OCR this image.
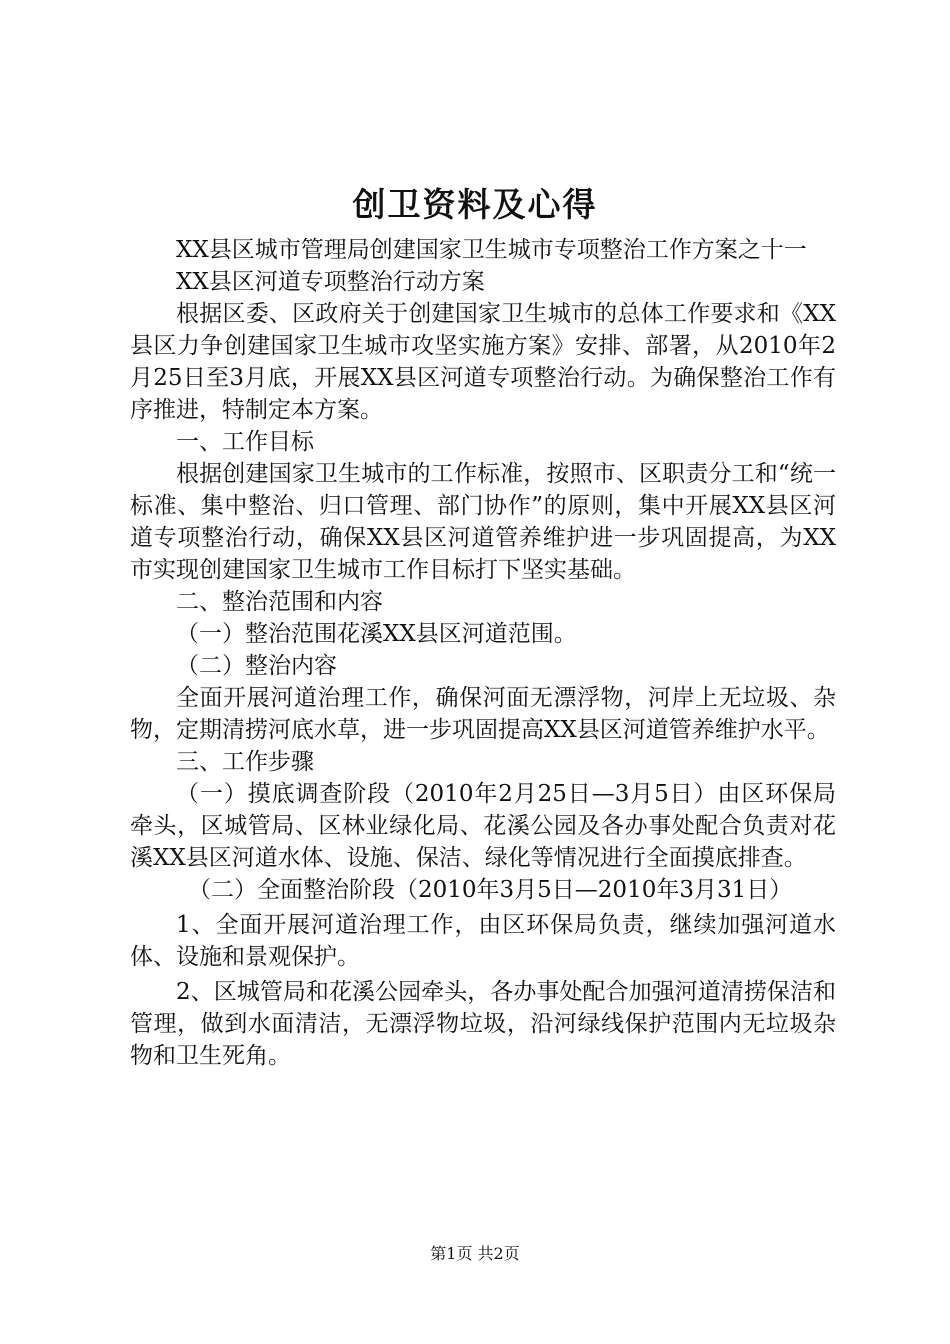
创卫资料及心得

XX县区城市管理局创建国家卫生城市专项整治工作方案之十一

XX县区河道专项整治行动方案

根据区委、区政府关于创建国家卫生城市的总体工作要求和《XX县区力争创建国家卫生城市攻坚实施方案》安排、部署，从2010年2月25日至3月底，开展XX县区河道专项整治行动。为确保整治工作有序推进，特制定本方案。

一、工作目标

根据创建国家卫生城市的工作标准，按照市、区职责分工和“统一标准、集中整治、归口管理、部门协作”的原则，集中开展XX县区河道专项整治行动，确保XX县区河道管养维护进一步巩固提高，为XX市实现创建国家卫生城市工作目标打下坚实基础。

二、整治范围和内容

（一）整治范围花溪XX县区河道范围。

（二）整治内容

全面开展河道治理工作，确保河面无漂浮物，河岸上无垃圾、杂物，定期清捞河底水草，进一步巩固提高XX县区河道管养维护水平。

三、工作步骤

（一）摸底调查阶段（2010年2月25日—3月5日）由区环保局牵头，区城管局、区林业绿化局、花溪公园及各办事处配合负责对花溪XX县区河道水体、设施、保洁、绿化等情况进行全面摸底排查。

（二）全面整治阶段（2010年3月5日—2010年3月31日）

1、全面开展河道治理工作，由区环保局负责，继续加强河道水体、设施和景观保护。

2、区城管局和花溪公园牵头，各办事处配合加强河道清捞保洁和管理，做到水面清洁，无漂浮物垃圾，沿河绿线保护范围内无垃圾杂物和卫生死角。

第1页 共2页
